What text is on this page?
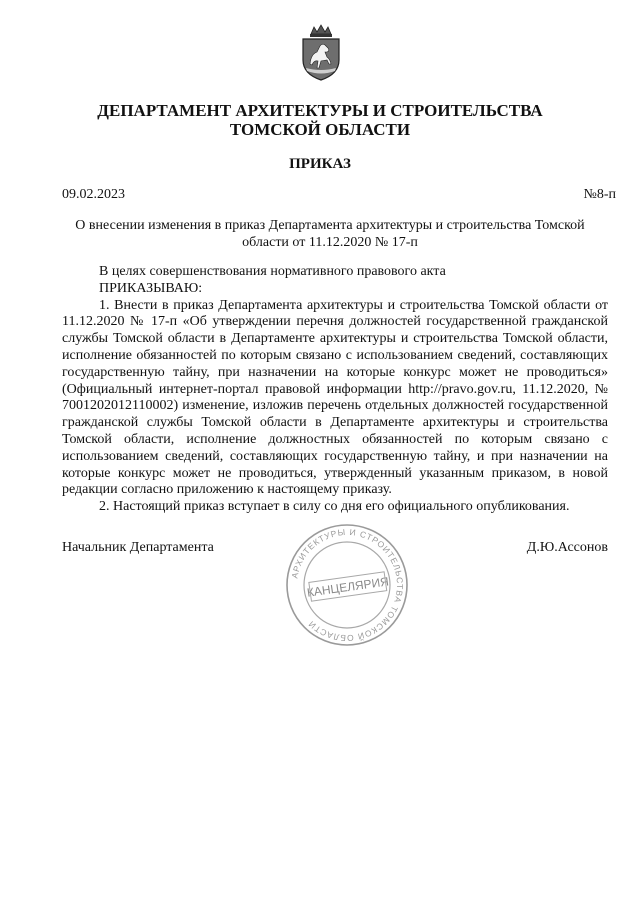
ДЕПАРТАМЕНТ АРХИТЕКТУРЫ И СТРОИТЕЛЬСТВА
ТОМСКОЙ ОБЛАСТИ
ПРИКАЗ
09.02.2023	№8-п
О внесении изменения в приказ Департамента архитектуры и строительства Томской области от 11.12.2020 № 17-п

В целях совершенствования нормативного правового акта

ПРИКАЗЫВАЮ:

1. Внести в приказ Департамента архитектуры и строительства Томской области от 11.12.2020 № 17-п «Об утверждении перечня должностей государственной гражданской службы Томской области в Департаменте архитектуры и строительства Томской области, исполнение обязанностей по которым связано с использованием сведений, составляющих государственную тайну, при назначении на которые конкурс может не проводиться» (Официальный интернет-портал правовой информации http://pravo.gov.ru, 11.12.2020, № 7001202012110002) изменение, изложив перечень отдельных должностей государственной гражданской службы Томской области в Департаменте архитектуры и строительства Томской области, исполнение должностных обязанностей по которым связано с использованием сведений, составляющих государственную тайну, и при назначении на которые конкурс может не проводиться, утвержденный указанным приказом, в новой редакции согласно приложению к настоящему приказу.

2. Настоящий приказ вступает в силу со дня его официального опубликования.

Начальник Департамента	Д.Ю.Ассонов
АРХИТЕКТУРЫ И СТРОИТЕЛЬСТВА ТОМСКОЙ ОБЛАСТИ
КАНЦЕЛЯРИЯ
